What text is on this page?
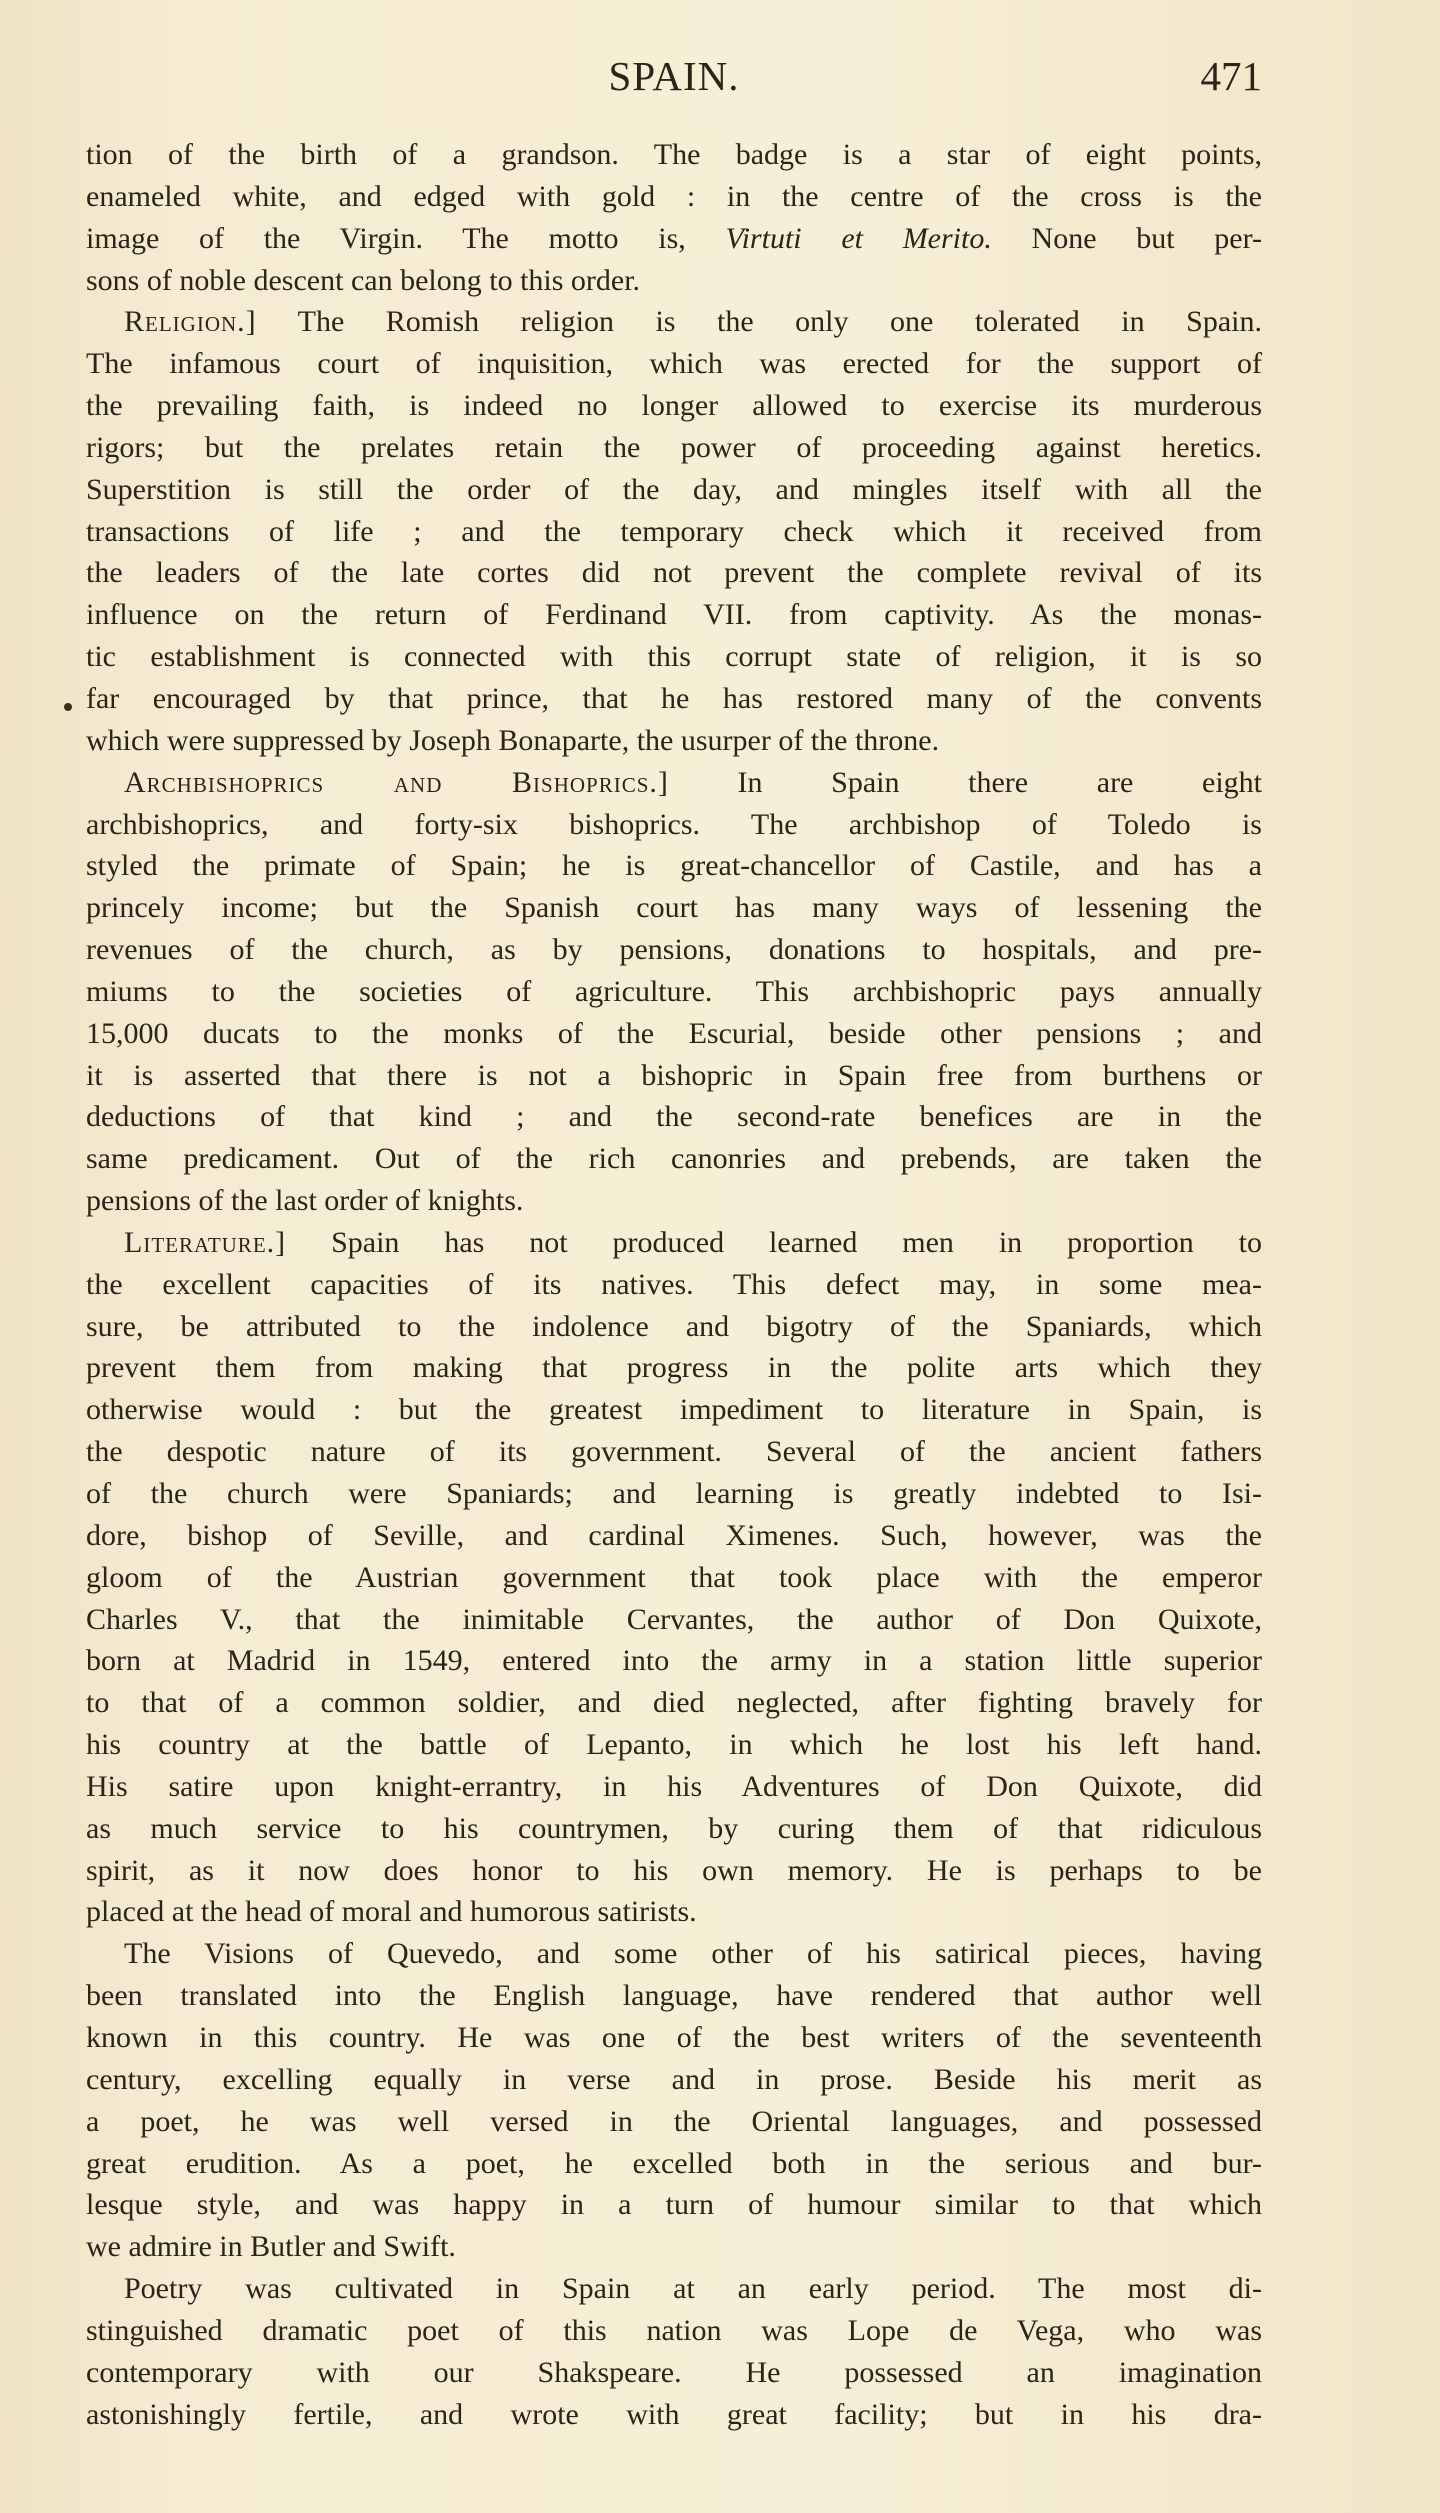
SPAIN.	471
tion of the birth of a grandson. The badge is a star of eight points,
enameled white, and edged with gold : in the centre of the cross is the
image of the Virgin. The motto is, Virtuti et Merito. None but per-
sons of noble descent can belong to this order.
Religion.] The Romish religion is the only one tolerated in Spain.
The infamous court of inquisition, which was erected for the support of
the prevailing faith, is indeed no longer allowed to exercise its murderous
rigors; but the prelates retain the power of proceeding against heretics.
Superstition is still the order of the day, and mingles itself with all the
transactions of life ; and the temporary check which it received from
the leaders of the late cortes did not prevent the complete revival of its
influence on the return of Ferdinand VII. from captivity. As the monas-
tic establishment is connected with this corrupt state of religion, it is so
far encouraged by that prince, that he has restored many of the convents
which were suppressed by Joseph Bonaparte, the usurper of the throne.
Archbishoprics and Bishoprics.] In Spain there are eight
archbishoprics, and forty-six bishoprics. The archbishop of Toledo is
styled the primate of Spain; he is great-chancellor of Castile, and has a
princely income; but the Spanish court has many ways of lessening the
revenues of the church, as by pensions, donations to hospitals, and pre-
miums to the societies of agriculture. This archbishopric pays annually
15,000 ducats to the monks of the Escurial, beside other pensions ; and
it is asserted that there is not a bishopric in Spain free from burthens or
deductions of that kind ; and the second-rate benefices are in the
same predicament. Out of the rich canonries and prebends, are taken the
pensions of the last order of knights.
Literature.] Spain has not produced learned men in proportion to
the excellent capacities of its natives. This defect may, in some mea-
sure, be attributed to the indolence and bigotry of the Spaniards, which
prevent them from making that progress in the polite arts which they
otherwise would : but the greatest impediment to literature in Spain, is
the despotic nature of its government. Several of the ancient fathers
of the church were Spaniards; and learning is greatly indebted to Isi-
dore, bishop of Seville, and cardinal Ximenes. Such, however, was the
gloom of the Austrian government that took place with the emperor
Charles V., that the inimitable Cervantes, the author of Don Quixote,
born at Madrid in 1549, entered into the army in a station little superior
to that of a common soldier, and died neglected, after fighting bravely for
his country at the battle of Lepanto, in which he lost his left hand.
His satire upon knight-errantry, in his Adventures of Don Quixote, did
as much service to his countrymen, by curing them of that ridiculous
spirit, as it now does honor to his own memory. He is perhaps to be
placed at the head of moral and humorous satirists.
The Visions of Quevedo, and some other of his satirical pieces, having
been translated into the English language, have rendered that author well
known in this country. He was one of the best writers of the seventeenth
century, excelling equally in verse and in prose. Beside his merit as
a poet, he was well versed in the Oriental languages, and possessed
great erudition. As a poet, he excelled both in the serious and bur-
lesque style, and was happy in a turn of humour similar to that which
we admire in Butler and Swift.
Poetry was cultivated in Spain at an early period. The most di-
stinguished dramatic poet of this nation was Lope de Vega, who was
contemporary with our Shakspeare. He possessed an imagination
astonishingly fertile, and wrote with great facility; but in his dra-
